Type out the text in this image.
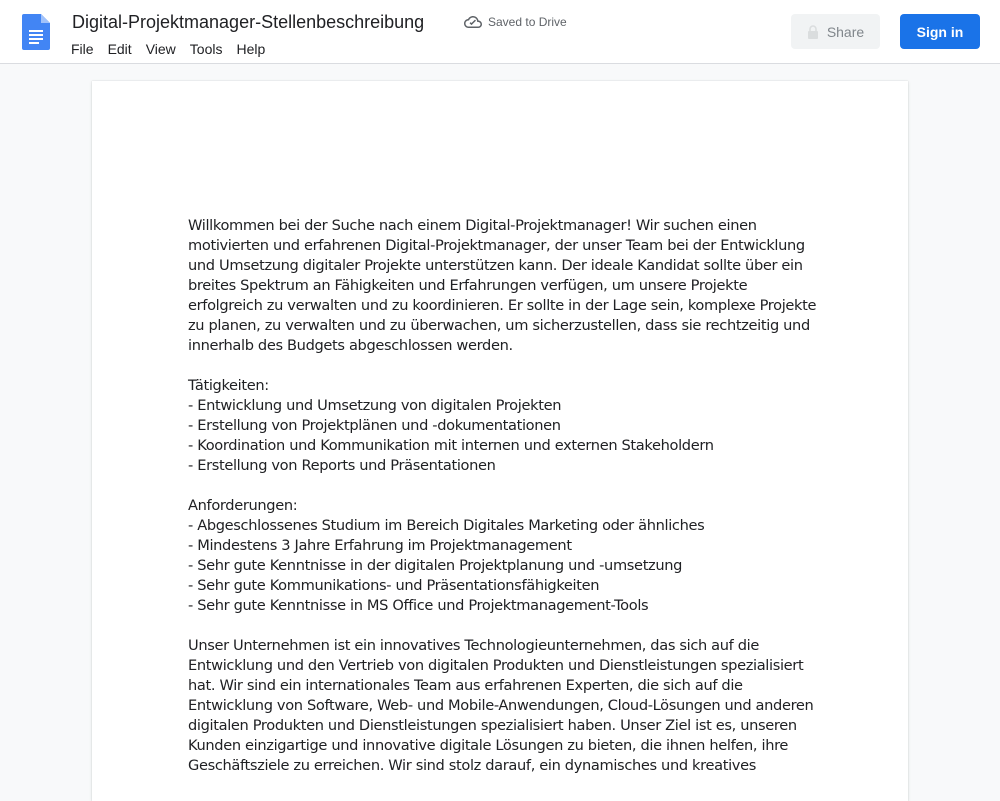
Digital-Projektmanager-Stellenbeschreibung	Saved to Drive
File	Edit	View	Tools	Help
Share	Sign in

Willkommen bei der Suche nach einem Digital-Projektmanager! Wir suchen einen motivierten und erfahrenen Digital-Projektmanager, der unser Team bei der Entwicklung und Umsetzung digitaler Projekte unterstützen kann. Der ideale Kandidat sollte über ein breites Spektrum an Fähigkeiten und Erfahrungen verfügen, um unsere Projekte erfolgreich zu verwalten und zu koordinieren. Er sollte in der Lage sein, komplexe Projekte zu planen, zu verwalten und zu überwachen, um sicherzustellen, dass sie rechtzeitig und innerhalb des Budgets abgeschlossen werden.

Tätigkeiten:

- Entwicklung und Umsetzung von digitalen Projekten
- Erstellung von Projektplänen und -dokumentationen
- Koordination und Kommunikation mit internen und externen Stakeholdern
- Erstellung von Reports und Präsentationen

Anforderungen:

- Abgeschlossenes Studium im Bereich Digitales Marketing oder ähnliches
- Mindestens 3 Jahre Erfahrung im Projektmanagement
- Sehr gute Kenntnisse in der digitalen Projektplanung und -umsetzung
- Sehr gute Kommunikations- und Präsentationsfähigkeiten
- Sehr gute Kenntnisse in MS Office und Projektmanagement-Tools

Unser Unternehmen ist ein innovatives Technologieunternehmen, das sich auf die Entwicklung und den Vertrieb von digitalen Produkten und Dienstleistungen spezialisiert hat. Wir sind ein internationales Team aus erfahrenen Experten, die sich auf die Entwicklung von Software, Web- und Mobile-Anwendungen, Cloud-Lösungen und anderen digitalen Produkten und Dienstleistungen spezialisiert haben. Unser Ziel ist es, unseren Kunden einzigartige und innovative digitale Lösungen zu bieten, die ihnen helfen, ihre Geschäftsziele zu erreichen. Wir sind stolz darauf, ein dynamisches und kreatives
